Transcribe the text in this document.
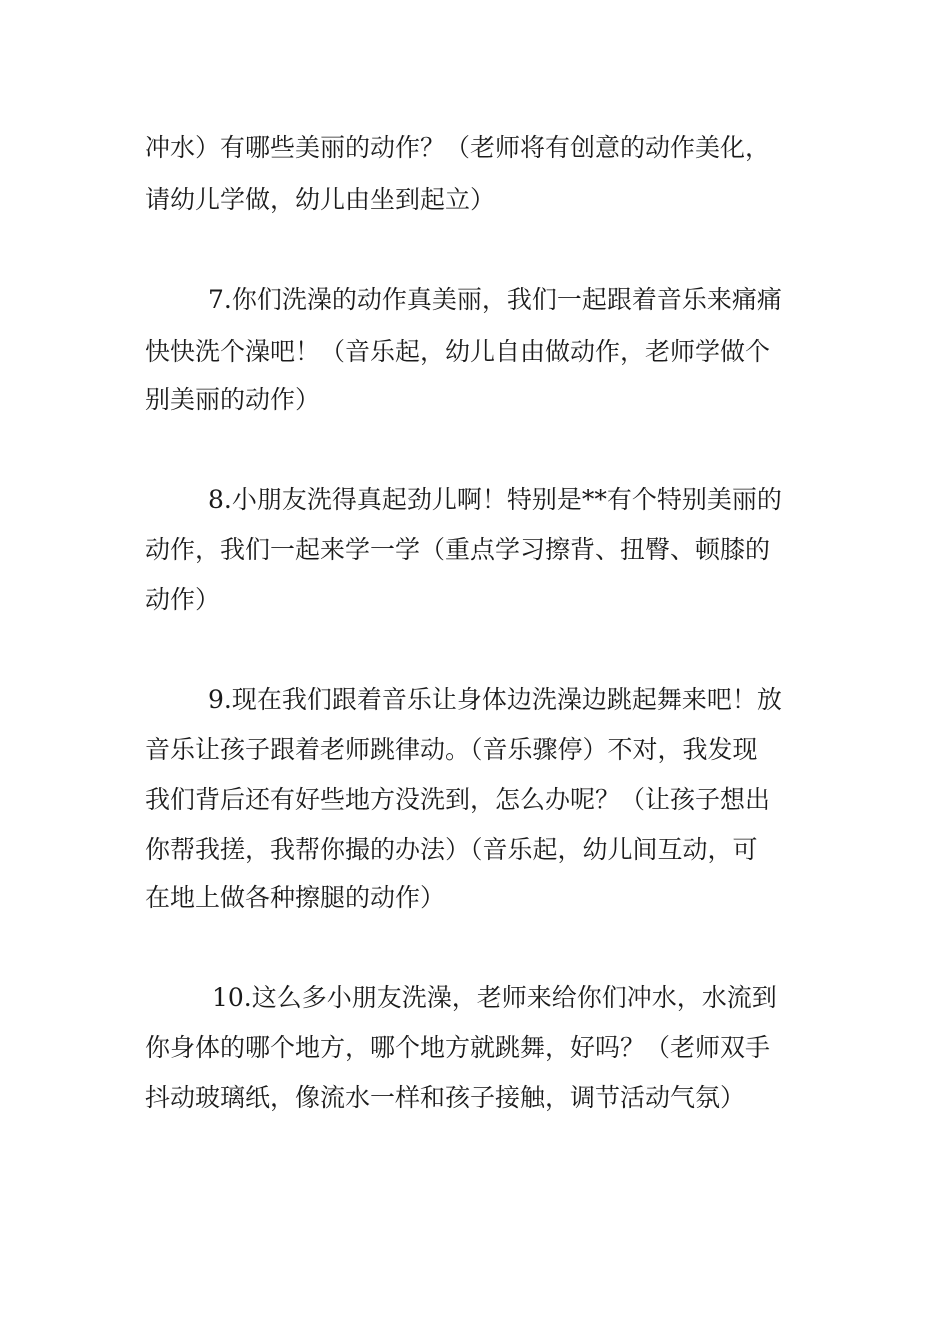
冲水）有哪些美丽的动作？（老师将有创意的动作美化，
请幼儿学做，幼儿由坐到起立）
7.你们洗澡的动作真美丽，我们一起跟着音乐来痛痛
快快洗个澡吧！（音乐起，幼儿自由做动作，老师学做个
别美丽的动作）
8.小朋友洗得真起劲儿啊！特别是**有个特别美丽的
动作，我们一起来学一学（重点学习擦背、扭臀、顿膝的
动作）
9.现在我们跟着音乐让身体边洗澡边跳起舞来吧！放
音乐让孩子跟着老师跳律动。（音乐骤停）不对，我发现
我们背后还有好些地方没洗到，怎么办呢？（让孩子想出
你帮我搓，我帮你撮的办法）（音乐起，幼儿间互动，可
在地上做各种擦腿的动作）
10.这么多小朋友洗澡，老师来给你们冲水，水流到
你身体的哪个地方，哪个地方就跳舞，好吗？（老师双手
抖动玻璃纸，像流水一样和孩子接触，调节活动气氛）
